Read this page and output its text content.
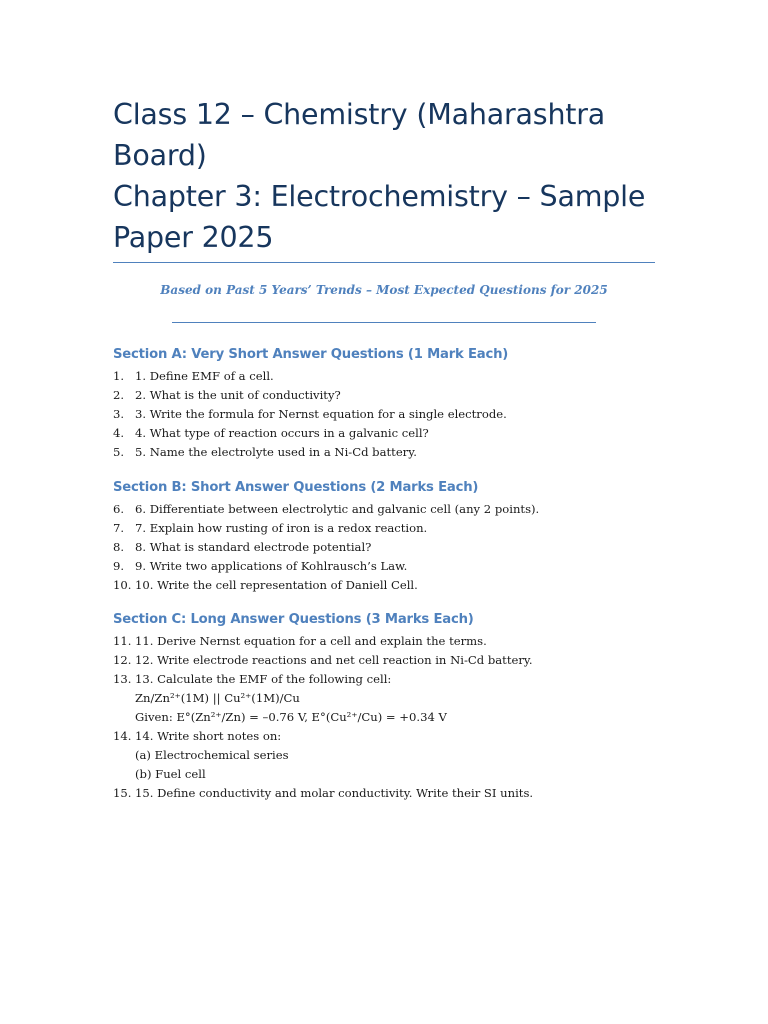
Class 12 – Chemistry (Maharashtra
Board)
Chapter 3: Electrochemistry – Sample
Paper 2025
Based on Past 5 Years’ Trends – Most Expected Questions for 2025
Section A: Very Short Answer Questions (1 Mark Each)
1. 1. Define EMF of a cell.
2. 2. What is the unit of conductivity?
3. 3. Write the formula for Nernst equation for a single electrode.
4. 4. What type of reaction occurs in a galvanic cell?
5. 5. Name the electrolyte used in a Ni-Cd battery.
Section B: Short Answer Questions (2 Marks Each)
6. 6. Differentiate between electrolytic and galvanic cell (any 2 points).
7. 7. Explain how rusting of iron is a redox reaction.
8. 8. What is standard electrode potential?
9. 9. Write two applications of Kohlrausch’s Law.
10. 10. Write the cell representation of Daniell Cell.
Section C: Long Answer Questions (3 Marks Each)
11. 11. Derive Nernst equation for a cell and explain the terms.
12. 12. Write electrode reactions and net cell reaction in Ni-Cd battery.
13. 13. Calculate the EMF of the following cell:
Zn/Zn²⁺(1M) || Cu²⁺(1M)/Cu
Given: E°(Zn²⁺/Zn) = –0.76 V, E°(Cu²⁺/Cu) = +0.34 V
14. 14. Write short notes on:
(a) Electrochemical series
(b) Fuel cell
15. 15. Define conductivity and molar conductivity. Write their SI units.
